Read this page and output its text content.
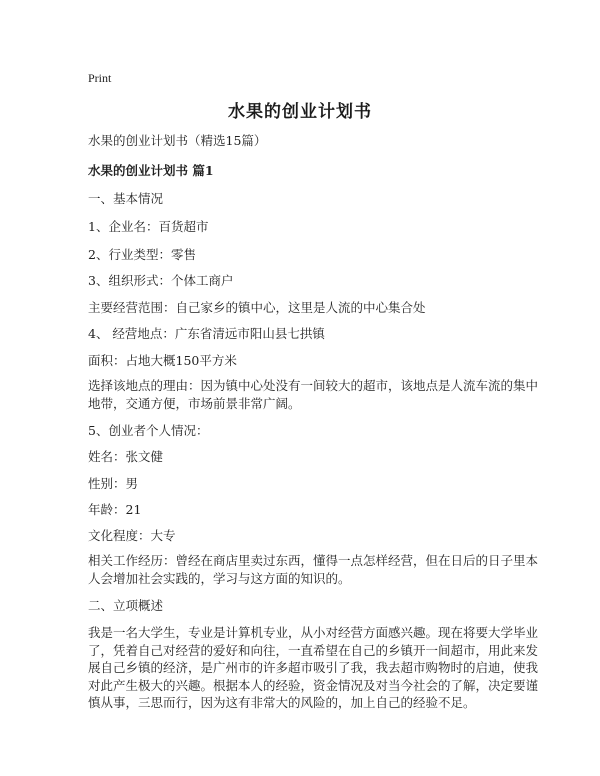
Print
水果的创业计划书
水果的创业计划书（精选15篇）
水果的创业计划书 篇1
一、基本情况
1、企业名：百货超市
2、行业类型：零售
3、组织形式：个体工商户
主要经营范围：自己家乡的镇中心，这里是人流的中心集合处
4、 经营地点：广东省清远市阳山县七拱镇
面积：占地大概150平方米
选择该地点的理由：因为镇中心处没有一间较大的超市，该地点是人流车流的集中
地带，交通方便，市场前景非常广阔。
5、创业者个人情况：
姓名：张文健
性别：男
年龄：21
文化程度：大专
相关工作经历：曾经在商店里卖过东西，懂得一点怎样经营，但在日后的日子里本
人会增加社会实践的，学习与这方面的知识的。
二、立项概述
我是一名大学生，专业是计算机专业，从小对经营方面感兴趣。现在将要大学毕业
了，凭着自己对经营的爱好和向往，一直希望在自己的乡镇开一间超市，用此来发
展自己乡镇的经济，是广州市的许多超市吸引了我，我去超市购物时的启迪，使我
对此产生极大的兴趣。根据本人的经验，资金情况及对当今社会的了解，决定要谨
慎从事，三思而行，因为这有非常大的风险的，加上自己的经验不足。
